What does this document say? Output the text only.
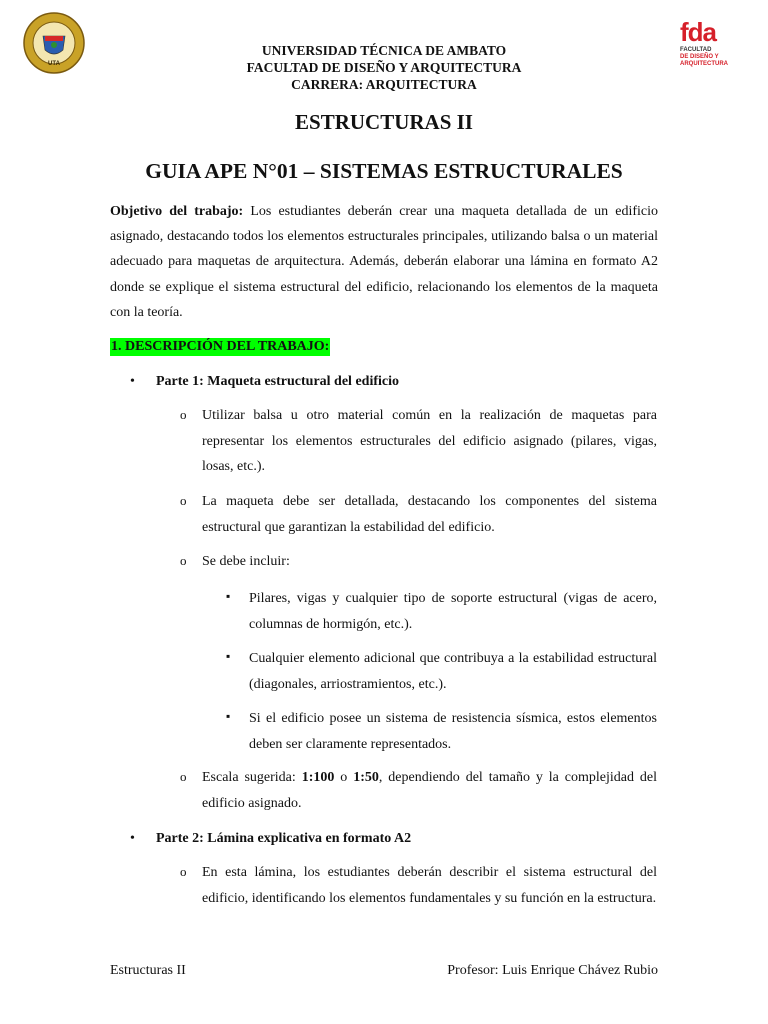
UTA
fda
FACULTAD
DE DISEÑO Y
ARQUITECTURA
UNIVERSIDAD TÉCNICA DE AMBATO
FACULTAD DE DISEÑO Y ARQUITECTURA
CARRERA: ARQUITECTURA
ESTRUCTURAS II
GUIA APE N°01 – SISTEMAS ESTRUCTURALES
Objetivo del trabajo: Los estudiantes deberán crear una maqueta detallada de un edificio asignado, destacando todos los elementos estructurales principales, utilizando balsa o un material adecuado para maquetas de arquitectura. Además, deberán elaborar una lámina en formato A2 donde se explique el sistema estructural del edificio, relacionando los elementos de la maqueta con la teoría.
1. DESCRIPCIÓN DEL TRABAJO:
• Parte 1: Maqueta estructural del edificio
o Utilizar balsa u otro material común en la realización de maquetas para representar los elementos estructurales del edificio asignado (pilares, vigas, losas, etc.).
o La maqueta debe ser detallada, destacando los componentes del sistema estructural que garantizan la estabilidad del edificio.
o Se debe incluir:
▪ Pilares, vigas y cualquier tipo de soporte estructural (vigas de acero, columnas de hormigón, etc.).
▪ Cualquier elemento adicional que contribuya a la estabilidad estructural (diagonales, arriostramientos, etc.).
▪ Si el edificio posee un sistema de resistencia sísmica, estos elementos deben ser claramente representados.
o Escala sugerida: 1:100 o 1:50, dependiendo del tamaño y la complejidad del edificio asignado.
• Parte 2: Lámina explicativa en formato A2
o En esta lámina, los estudiantes deberán describir el sistema estructural del edificio, identificando los elementos fundamentales y su función en la estructura.
Estructuras II	Profesor: Luis Enrique Chávez Rubio
